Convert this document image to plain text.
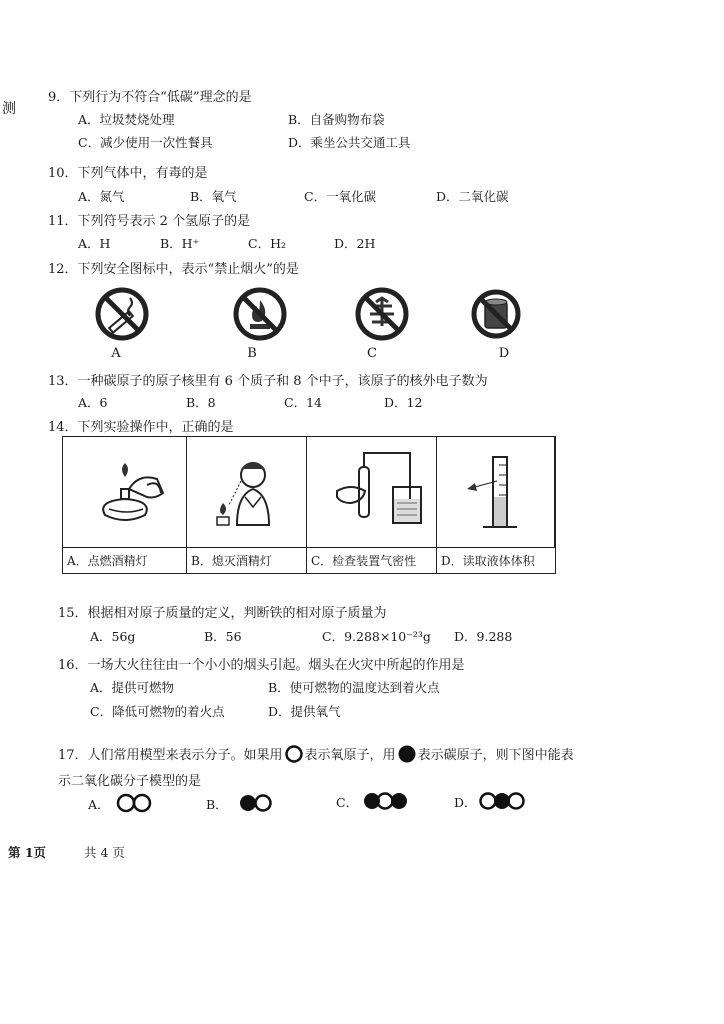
测
9．下列行为不符合“低碳”理念的是
A．垃圾焚烧处理	B．自备购物布袋
C．减少使用一次性餐具	D．乘坐公共交通工具
10．下列气体中，有毒的是
A．氮气	B．氧气	C．一氧化碳	D．二氧化碳
11．下列符号表示 2 个氢原子的是
A．H	B．H⁺	C．H₂	D．2H
12．下列安全图标中，表示“禁止烟火”的是
A	B	C	D
13．一种碳原子的原子核里有 6 个质子和 8 个中子，该原子的核外电子数为
A．6	B．8	C．14	D．12
14．下列实验操作中，正确的是
A．点燃酒精灯	B．熄灭酒精灯	C．检查装置气密性	D．读取液体体积
15．根据相对原子质量的定义，判断铁的相对原子质量为
A．56g	B．56	C．9.288×10⁻²³g D．9.288
16．一场大火往往由一个小小的烟头引起。烟头在火灾中所起的作用是
A．提供可燃物	B．使可燃物的温度达到着火点
C．降低可燃物的着火点	D．提供氧气
17．人们常用模型来表示分子。如果用 表示氧原子，用 表示碳原子，则下图中能表
示二氧化碳分子模型的是
A．	B．	C．	D．
第 1页	共 4 页
